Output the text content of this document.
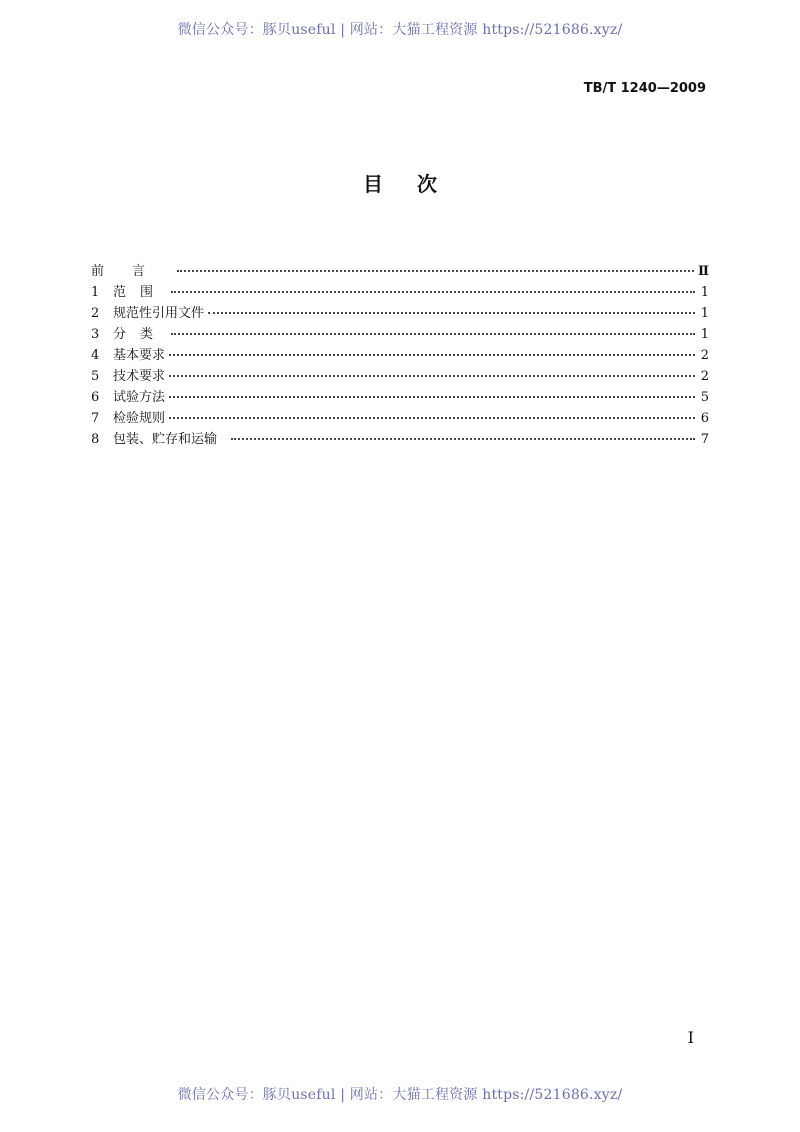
微信公众号：豚贝useful | 网站：大猫工程资源 https://521686.xyz/
TB/T 1240—2009
目次
前言	Ⅱ
1	范围	1
2	规范性引用文件	1
3	分类	1
4	基本要求	2
5	技术要求	2
6	试验方法	5
7	检验规则	6
8	包装、贮存和运输	7
I
微信公众号：豚贝useful | 网站：大猫工程资源 https://521686.xyz/
